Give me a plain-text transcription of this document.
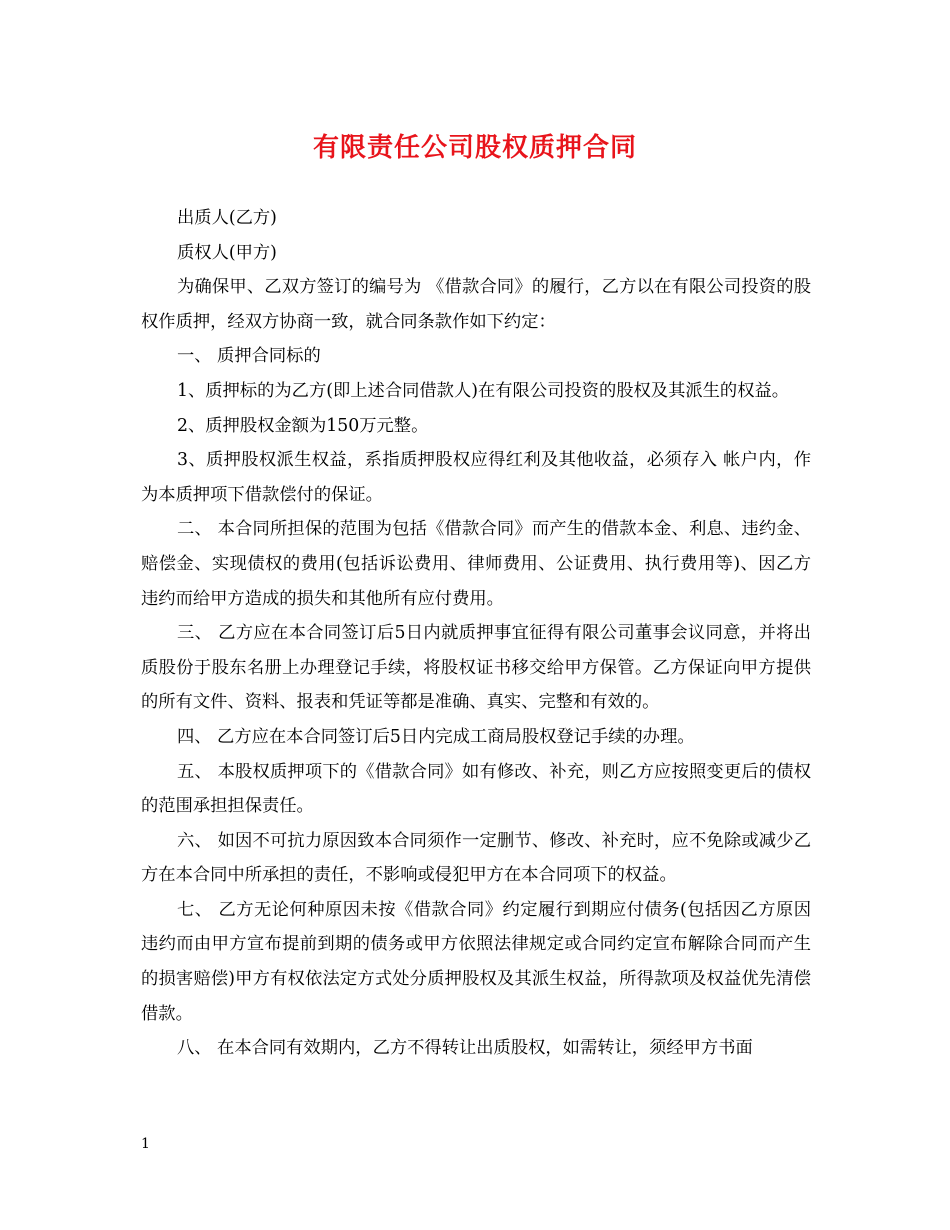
有限责任公司股权质押合同

出质人(乙方)

质权人(甲方)

为确保甲、乙双方签订的编号为 《借款合同》的履行，乙方以在有限公司投资的股权作质押，经双方协商一致，就合同条款作如下约定：

一、 质押合同标的

1、质押标的为乙方(即上述合同借款人)在有限公司投资的股权及其派生的权益。

2、质押股权金额为150万元整。

3、质押股权派生权益，系指质押股权应得红利及其他收益，必须存入 帐户内，作为本质押项下借款偿付的保证。

二、 本合同所担保的范围为包括《借款合同》而产生的借款本金、利息、违约金、赔偿金、实现债权的费用(包括诉讼费用、律师费用、公证费用、执行费用等)、因乙方违约而给甲方造成的损失和其他所有应付费用。

三、 乙方应在本合同签订后5日内就质押事宜征得有限公司董事会议同意，并将出质股份于股东名册上办理登记手续，将股权证书移交给甲方保管。乙方保证向甲方提供的所有文件、资料、报表和凭证等都是准确、真实、完整和有效的。

四、 乙方应在本合同签订后5日内完成工商局股权登记手续的办理。

五、 本股权质押项下的《借款合同》如有修改、补充，则乙方应按照变更后的债权的范围承担担保责任。

六、 如因不可抗力原因致本合同须作一定删节、修改、补充时，应不免除或减少乙方在本合同中所承担的责任，不影响或侵犯甲方在本合同项下的权益。

七、 乙方无论何种原因未按《借款合同》约定履行到期应付债务(包括因乙方原因违约而由甲方宣布提前到期的债务或甲方依照法律规定或合同约定宣布解除合同而产生的损害赔偿)甲方有权依法定方式处分质押股权及其派生权益，所得款项及权益优先清偿借款。

八、 在本合同有效期内，乙方不得转让出质股权，如需转让，须经甲方书面

1
